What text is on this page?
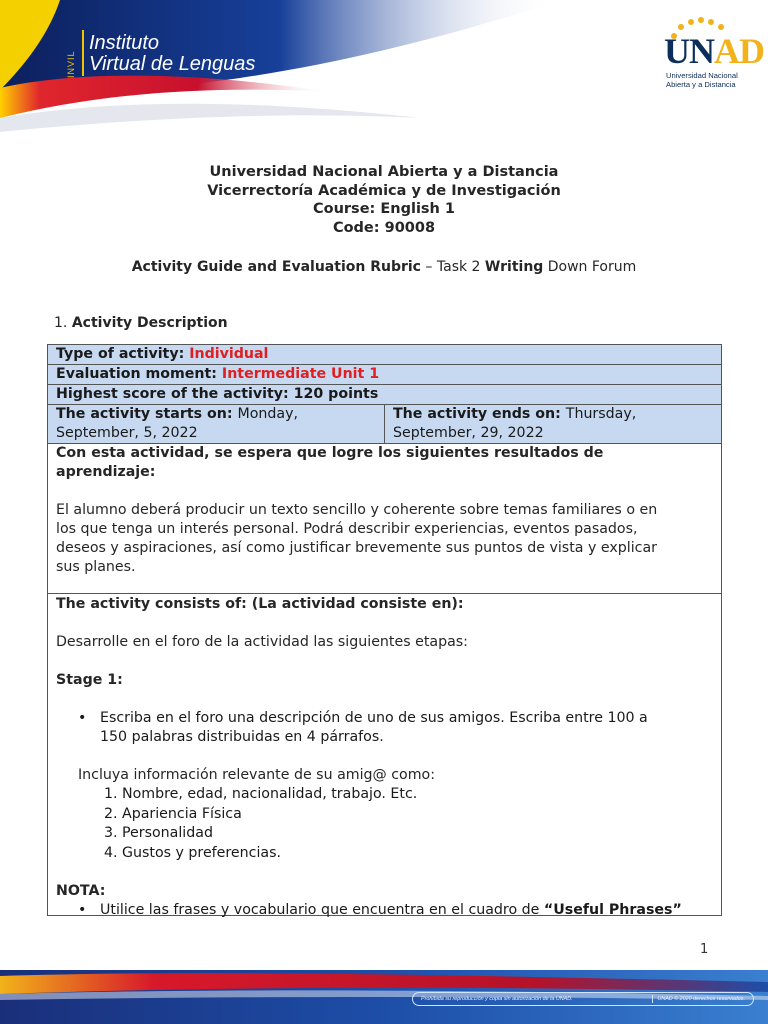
INVIL
Instituto
Virtual de Lenguas	UNAD
Universidad Nacional
Abierta y a Distancia
Universidad Nacional Abierta y a Distancia
Vicerrectoría Académica y de Investigación
Course: English 1
Code: 90008
Activity Guide and Evaluation Rubric – Task 2 Writing Down Forum
1. Activity Description
Type of activity: Individual
Evaluation moment: Intermediate Unit 1
Highest score of the activity: 120 points
The activity starts on: Monday,
September, 5, 2022
The activity ends on: Thursday,
September, 29, 2022
Con esta actividad, se espera que logre los siguientes resultados de
aprendizaje:
El alumno deberá producir un texto sencillo y coherente sobre temas familiares o en
los que tenga un interés personal. Podrá describir experiencias, eventos pasados,
deseos y aspiraciones, así como justificar brevemente sus puntos de vista y explicar
sus planes.
The activity consists of: (La actividad consiste en):
Desarrolle en el foro de la actividad las siguientes etapas:
Stage 1:
• Escriba en el foro una descripción de uno de sus amigos. Escriba entre 100 a
150 palabras distribuidas en 4 párrafos.
Incluya información relevante de su amig@ como:
1. Nombre, edad, nacionalidad, trabajo. Etc.
2. Apariencia Física
3. Personalidad
4. Gustos y preferencias.
NOTA:
• Utilice las frases y vocabulario que encuentra en el cuadro de “Useful Phrases”
1
Prohibida su reproducción y copia sin autorización de la UNAD.	UNAD © 2020 derechos reservados.
